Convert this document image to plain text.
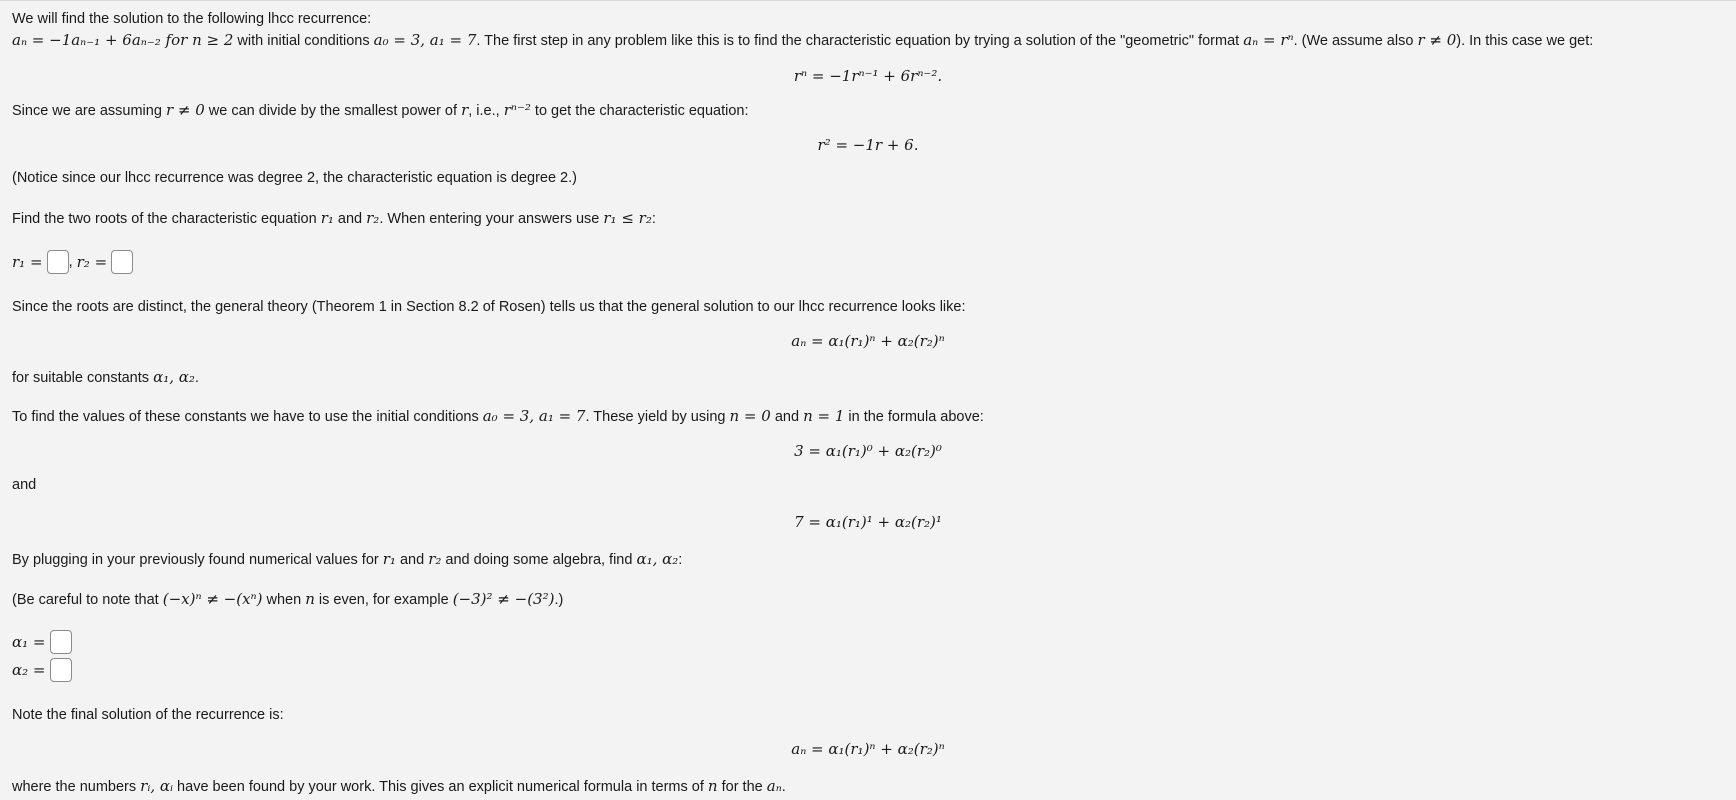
We will find the solution to the following lhcc recurrence:
aₙ = −1aₙ₋₁ + 6aₙ₋₂ for n ≥ 2 with initial conditions a₀ = 3, a₁ = 7. The first step in any problem like this is to find the characteristic equation by trying a solution of the "geometric" format aₙ = rⁿ. (We assume also r ≠ 0). In this case we get:
rⁿ = −1rⁿ⁻¹ + 6rⁿ⁻².
Since we are assuming r ≠ 0 we can divide by the smallest power of r, i.e., rⁿ⁻² to get the characteristic equation:
r² = −1r + 6.
(Notice since our lhcc recurrence was degree 2, the characteristic equation is degree 2.)
Find the two roots of the characteristic equation r₁ and r₂. When entering your answers use r₁ ≤ r₂:
r₁ = , r₂ =
Since the roots are distinct, the general theory (Theorem 1 in Section 8.2 of Rosen) tells us that the general solution to our lhcc recurrence looks like:
aₙ = α₁(r₁)ⁿ + α₂(r₂)ⁿ
for suitable constants α₁, α₂.
To find the values of these constants we have to use the initial conditions a₀ = 3, a₁ = 7. These yield by using n = 0 and n = 1 in the formula above:
3 = α₁(r₁)⁰ + α₂(r₂)⁰
and
7 = α₁(r₁)¹ + α₂(r₂)¹
By plugging in your previously found numerical values for r₁ and r₂ and doing some algebra, find α₁, α₂:
(Be careful to note that (−x)ⁿ ≠ −(xⁿ) when n is even, for example (−3)² ≠ −(3²).)
α₁ =
α₂ =
Note the final solution of the recurrence is:
aₙ = α₁(r₁)ⁿ + α₂(r₂)ⁿ
where the numbers rᵢ, αᵢ have been found by your work. This gives an explicit numerical formula in terms of n for the aₙ.
